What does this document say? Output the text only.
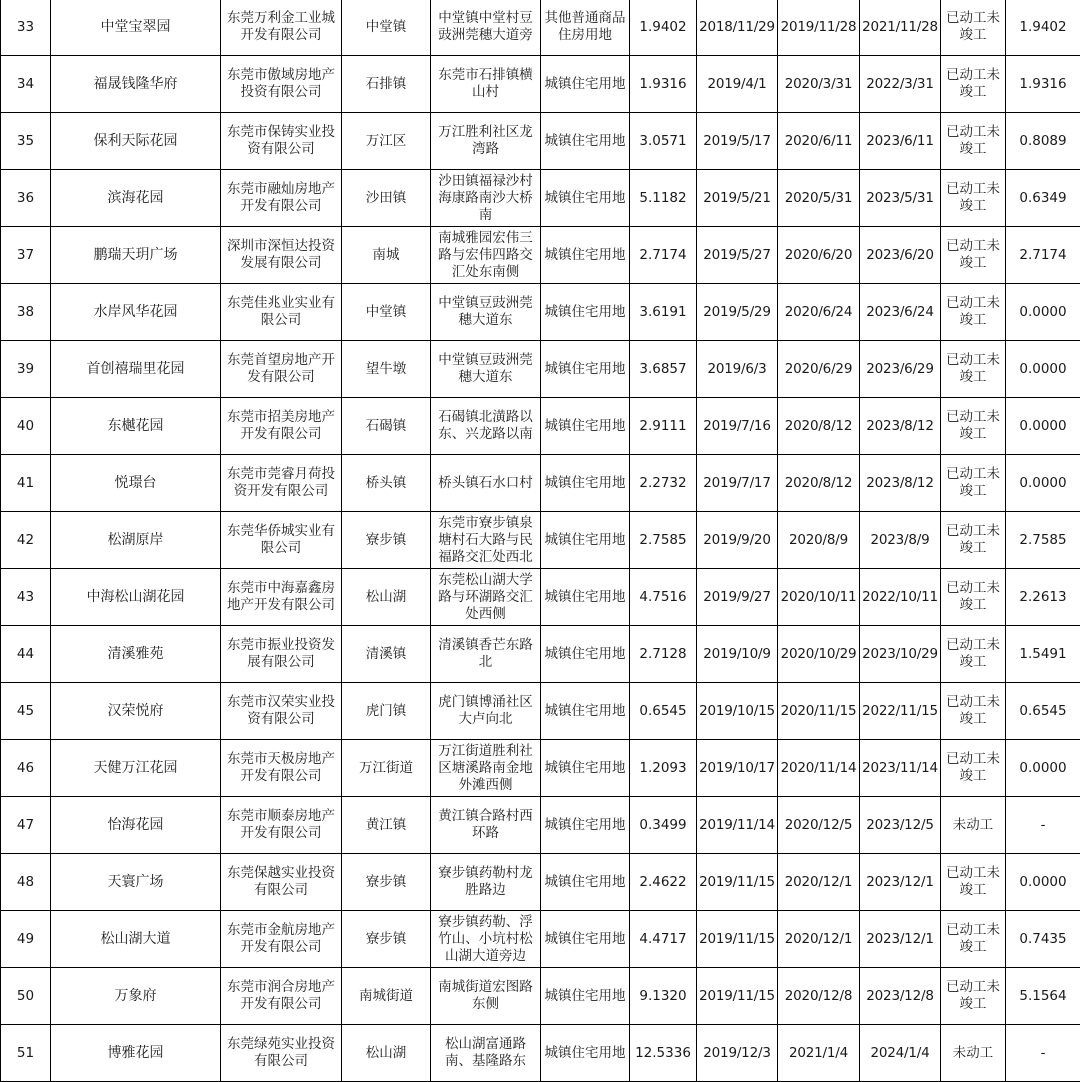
33	中堂宝翠园	东莞万利金工业城开发有限公司	中堂镇	中堂镇中堂村豆豉洲莞穗大道旁	其他普通商品住房用地	1.9402	2018/11/29	2019/11/28	2021/11/28	已动工未竣工	1.9402
34	福晟钱隆华府	东莞市傲域房地产投资有限公司	石排镇	东莞市石排镇横山村	城镇住宅用地	1.9316	2019/4/1	2020/3/31	2022/3/31	已动工未竣工	1.9316
35	保利天际花园	东莞市保铸实业投资有限公司	万江区	万江胜利社区龙湾路	城镇住宅用地	3.0571	2019/5/17	2020/6/11	2023/6/11	已动工未竣工	0.8089
36	滨海花园	东莞市融灿房地产开发有限公司	沙田镇	沙田镇福禄沙村海康路南沙大桥南	城镇住宅用地	5.1182	2019/5/21	2020/5/31	2023/5/31	已动工未竣工	0.6349
37	鹏瑞天玥广场	深圳市深恒达投资发展有限公司	南城	南城雅园宏伟三路与宏伟四路交汇处东南侧	城镇住宅用地	2.7174	2019/5/27	2020/6/20	2023/6/20	已动工未竣工	2.7174
38	水岸风华花园	东莞佳兆业实业有限公司	中堂镇	中堂镇豆豉洲莞穗大道东	城镇住宅用地	3.6191	2019/5/29	2020/6/24	2023/6/24	已动工未竣工	0.0000
39	首创禧瑞里花园	东莞首望房地产开发有限公司	望牛墩	中堂镇豆豉洲莞穗大道东	城镇住宅用地	3.6857	2019/6/3	2020/6/29	2023/6/29	已动工未竣工	0.0000
40	东樾花园	东莞市招美房地产开发有限公司	石碣镇	石碣镇北潢路以东、兴龙路以南	城镇住宅用地	2.9111	2019/7/16	2020/8/12	2023/8/12	已动工未竣工	0.0000
41	悦璟台	东莞市莞睿月荷投资开发有限公司	桥头镇	桥头镇石水口村	城镇住宅用地	2.2732	2019/7/17	2020/8/12	2023/8/12	已动工未竣工	0.0000
42	松湖原岸	东莞华侨城实业有限公司	寮步镇	东莞市寮步镇泉塘村石大路与民福路交汇处西北	城镇住宅用地	2.7585	2019/9/20	2020/8/9	2023/8/9	已动工未竣工	2.7585
43	中海松山湖花园	东莞市中海嘉鑫房地产开发有限公司	松山湖	东莞松山湖大学路与环湖路交汇处西侧	城镇住宅用地	4.7516	2019/9/27	2020/10/11	2022/10/11	已动工未竣工	2.2613
44	清溪雅苑	东莞市振业投资发展有限公司	清溪镇	清溪镇香芒东路北	城镇住宅用地	2.7128	2019/10/9	2020/10/29	2023/10/29	已动工未竣工	1.5491
45	汉荣悦府	东莞市汉荣实业投资有限公司	虎门镇	虎门镇博涌社区大卢向北	城镇住宅用地	0.6545	2019/10/15	2020/11/15	2022/11/15	已动工未竣工	0.6545
46	天健万江花园	东莞市天极房地产开发有限公司	万江街道	万江街道胜利社区塘溪路南金地外滩西侧	城镇住宅用地	1.2093	2019/10/17	2020/11/14	2023/11/14	已动工未竣工	0.0000
47	怡海花园	东莞市顺泰房地产开发有限公司	黄江镇	黄江镇合路村西环路	城镇住宅用地	0.3499	2019/11/14	2020/12/5	2023/12/5	未动工	-
48	天寰广场	东莞保越实业投资有限公司	寮步镇	寮步镇药勒村龙胜路边	城镇住宅用地	2.4622	2019/11/15	2020/12/1	2023/12/1	已动工未竣工	0.0000
49	松山湖大道	东莞市金航房地产开发有限公司	寮步镇	寮步镇药勒、浮竹山、小坑村松山湖大道旁边	城镇住宅用地	4.4717	2019/11/15	2020/12/1	2023/12/1	已动工未竣工	0.7435
50	万象府	东莞市润合房地产开发有限公司	南城街道	南城街道宏图路东侧	城镇住宅用地	9.1320	2019/11/15	2020/12/8	2023/12/8	已动工未竣工	5.1564
51	博雅花园	东莞绿苑实业投资有限公司	松山湖	松山湖富通路南、基隆路东	城镇住宅用地	12.5336	2019/12/3	2021/1/4	2024/1/4	未动工	-
